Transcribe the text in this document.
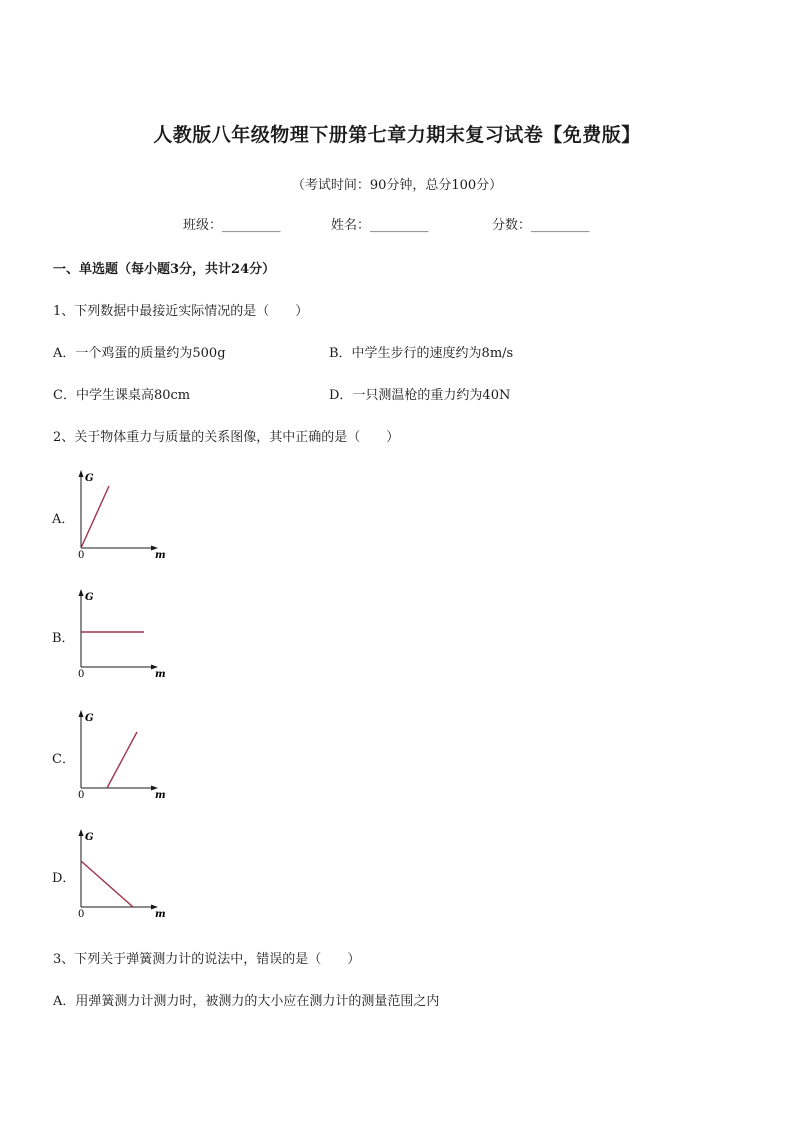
人教版八年级物理下册第七章力期末复习试卷【免费版】
（考试时间：90分钟，总分100分）
班级：_________	姓名：_________	分数：_________
一、单选题（每小题3分，共计24分）
1、下列数据中最接近实际情况的是（　　）
A．一个鸡蛋的质量约为500g	B．中学生步行的速度约为8m/s
C．中学生课桌高80cm	D．一只测温枪的重力约为40N
2、关于物体重力与质量的关系图像，其中正确的是（　　）
A．
G
m
0
B．
G
m
0
C．
G
m
0
D．
G
m
0
3、下列关于弹簧测力计的说法中，错误的是（　　）
A．用弹簧测力计测力时，被测力的大小应在测力计的测量范围之内
